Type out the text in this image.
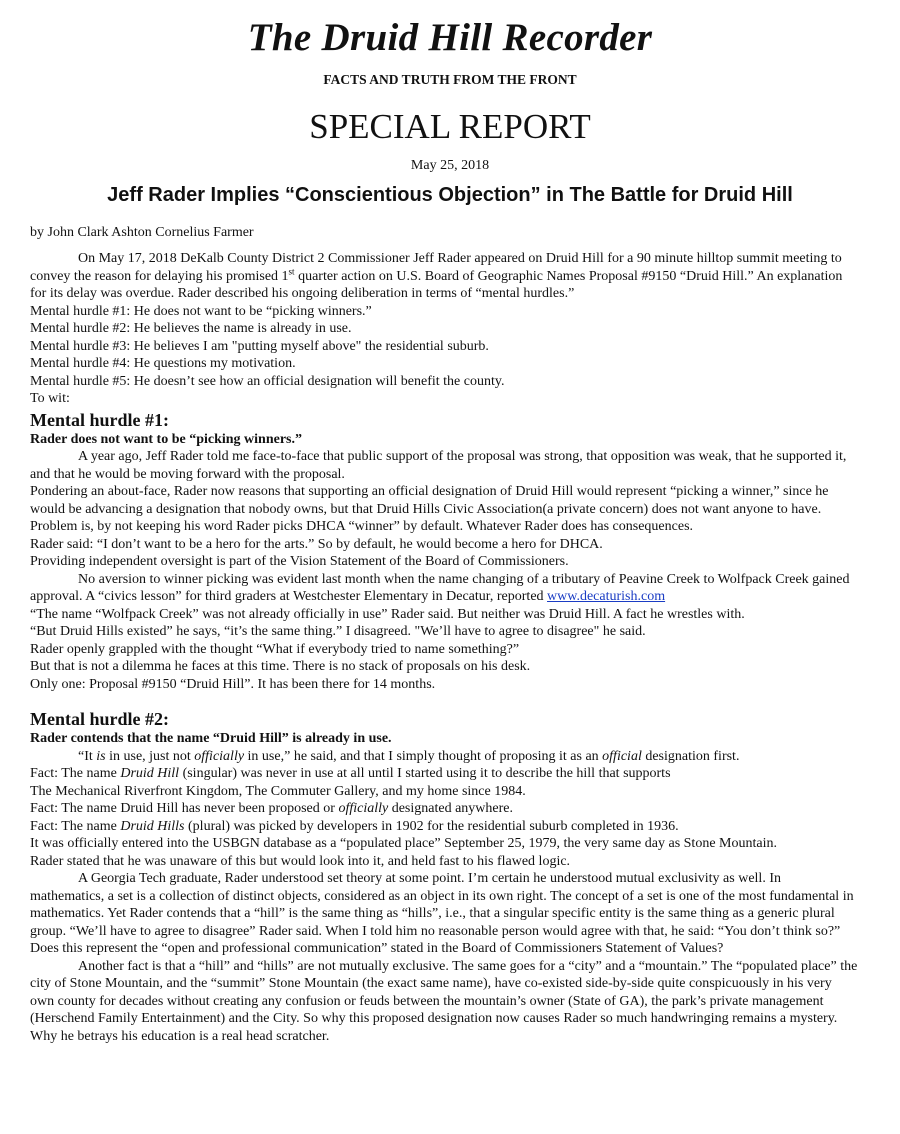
The Druid Hill Recorder
FACTS AND TRUTH FROM THE FRONT
SPECIAL REPORT
May 25, 2018
Jeff Rader Implies “Conscientious Objection” in The Battle for Druid Hill
by John Clark Ashton Cornelius Farmer

On May 17, 2018 DeKalb County District 2 Commissioner Jeff Rader appeared on Druid Hill for a 90 minute hilltop summit meeting to convey the reason for delaying his promised 1st quarter action on U.S. Board of Geographic Names Proposal #9150 “Druid Hill.” An explanation for its delay was overdue. Rader described his ongoing deliberation in terms of “mental hurdles.”

Mental hurdle #1: He does not want to be “picking winners.”

Mental hurdle #2: He believes the name is already in use.

Mental hurdle #3: He believes I am "putting myself above" the residential suburb.

Mental hurdle #4: He questions my motivation.

Mental hurdle #5: He doesn’t see how an official designation will benefit the county.

To wit:

Mental hurdle #1:

Rader does not want to be “picking winners.”

A year ago, Jeff Rader told me face-to-face that public support of the proposal was strong, that opposition was weak, that he supported it, and that he would be moving forward with the proposal.

Pondering an about-face, Rader now reasons that supporting an official designation of Druid Hill would represent “picking a winner,” since he would be advancing a designation that nobody owns, but that Druid Hills Civic Association(a private concern) does not want anyone to have. Problem is, by not keeping his word Rader picks DHCA “winner” by default. Whatever Rader does has consequences.

Rader said: “I don’t want to be a hero for the arts.” So by default, he would become a hero for DHCA.

Providing independent oversight is part of the Vision Statement of the Board of Commissioners.

No aversion to winner picking was evident last month when the name changing of a tributary of Peavine Creek to Wolfpack Creek gained approval. A “civics lesson” for third graders at Westchester Elementary in Decatur, reported www.decaturish.com

“The name “Wolfpack Creek” was not already officially in use” Rader said. But neither was Druid Hill. A fact he wrestles with.

“But Druid Hills existed” he says, “it’s the same thing.” I disagreed. "We’ll have to agree to disagree" he said.

Rader openly grappled with the thought “What if everybody tried to name something?”

But that is not a dilemma he faces at this time. There is no stack of proposals on his desk.

Only one: Proposal #9150 “Druid Hill”. It has been there for 14 months.

Mental hurdle #2:

Rader contends that the name “Druid Hill” is already in use.

“It is in use, just not officially in use,” he said, and that I simply thought of proposing it as an official designation first.

Fact: The name Druid Hill (singular) was never in use at all until I started using it to describe the hill that supports

The Mechanical Riverfront Kingdom, The Commuter Gallery, and my home since 1984.

Fact: The name Druid Hill has never been proposed or officially designated anywhere.

Fact: The name Druid Hills (plural) was picked by developers in 1902 for the residential suburb completed in 1936.

It was officially entered into the USBGN database as a “populated place” September 25, 1979, the very same day as Stone Mountain.

Rader stated that he was unaware of this but would look into it, and held fast to his flawed logic.

A Georgia Tech graduate, Rader understood set theory at some point. I’m certain he understood mutual exclusivity as well. In mathematics, a set is a collection of distinct objects, considered as an object in its own right. The concept of a set is one of the most fundamental in mathematics. Yet Rader contends that a “hill” is the same thing as “hills”, i.e., that a singular specific entity is the same thing as a generic plural group. “We’ll have to agree to disagree” Rader said. When I told him no reasonable person would agree with that, he said: “You don’t think so?”

Does this represent the “open and professional communication” stated in the Board of Commissioners Statement of Values?

Another fact is that a “hill” and “hills” are not mutually exclusive. The same goes for a “city” and a “mountain.” The “populated place” the city of Stone Mountain, and the “summit” Stone Mountain (the exact same name), have co-existed side-by-side quite conspicuously in his very own county for decades without creating any confusion or feuds between the mountain’s owner (State of GA), the park’s private management (Herschend Family Entertainment) and the City. So why this proposed designation now causes Rader so much handwringing remains a mystery. Why he betrays his education is a real head scratcher.
